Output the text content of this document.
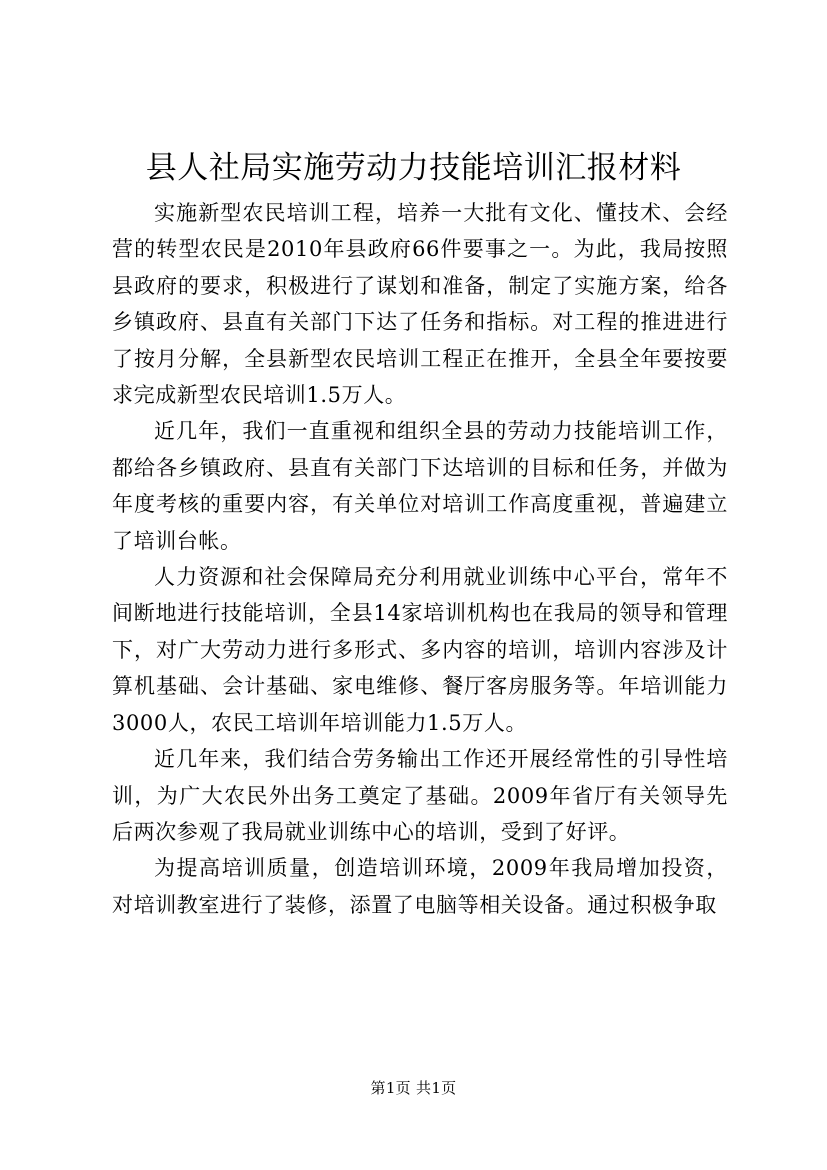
县人社局实施劳动力技能培训汇报材料

实施新型农民培训工程，培养一大批有文化、懂技术、会经营的转型农民是2010年县政府66件要事之一。为此，我局按照县政府的要求，积极进行了谋划和准备，制定了实施方案，给各乡镇政府、县直有关部门下达了任务和指标。对工程的推进进行了按月分解，全县新型农民培训工程正在推开，全县全年要按要求完成新型农民培训1.5万人。

近几年，我们一直重视和组织全县的劳动力技能培训工作，都给各乡镇政府、县直有关部门下达培训的目标和任务，并做为年度考核的重要内容，有关单位对培训工作高度重视，普遍建立了培训台帐。

人力资源和社会保障局充分利用就业训练中心平台，常年不间断地进行技能培训，全县14家培训机构也在我局的领导和管理下，对广大劳动力进行多形式、多内容的培训，培训内容涉及计算机基础、会计基础、家电维修、餐厅客房服务等。年培训能力3000人，农民工培训年培训能力1.5万人。

近几年来，我们结合劳务输出工作还开展经常性的引导性培训，为广大农民外出务工奠定了基础。2009年省厅有关领导先后两次参观了我局就业训练中心的培训，受到了好评。

为提高培训质量，创造培训环境，2009年我局增加投资，对培训教室进行了装修，添置了电脑等相关设备。通过积极争取

第1页 共1页
